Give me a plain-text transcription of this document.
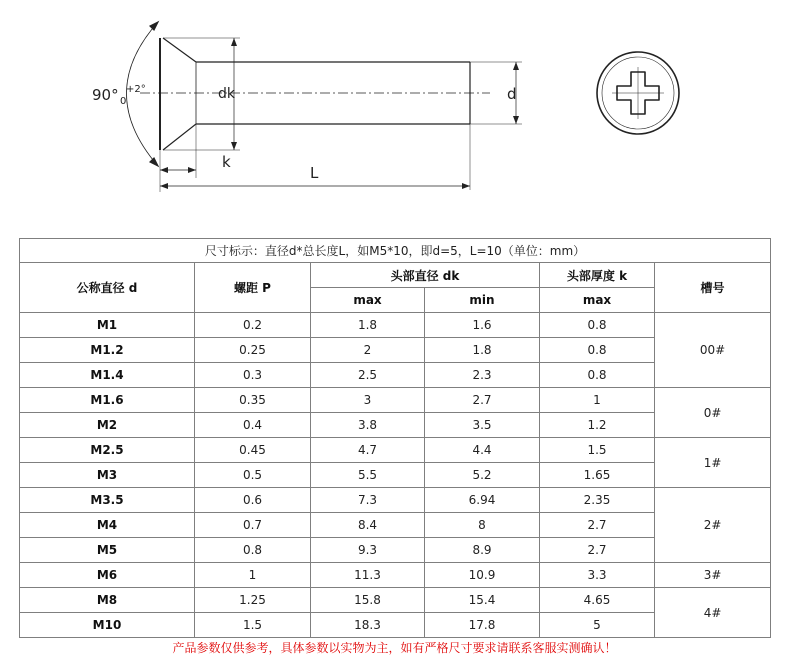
90° +2°
0	dk	d
k
L
尺寸标示：直径d*总长度L，如M5*10，即d=5，L=10（单位：mm）					
公称直径 d	螺距 P	头部直径 dk		头部厚度 k	槽号
		max	min	max	
M1	0.2	1.8	1.6	0.8	00#
M1.2	0.25	2	1.8	0.8	
M1.4	0.3	2.5	2.3	0.8	
M1.6	0.35	3	2.7	1	0#
M2	0.4	3.8	3.5	1.2	
M2.5	0.45	4.7	4.4	1.5	1#
M3	0.5	5.5	5.2	1.65	
M3.5	0.6	7.3	6.94	2.35	2#
M4	0.7	8.4	8	2.7	
M5	0.8	9.3	8.9	2.7	
M6	1	11.3	10.9	3.3	3#
M8	1.25	15.8	15.4	4.65	4#
M10	1.5	18.3	17.8	5	
产品参数仅供参考，具体参数以实物为主，如有严格尺寸要求请联系客服实测确认！
